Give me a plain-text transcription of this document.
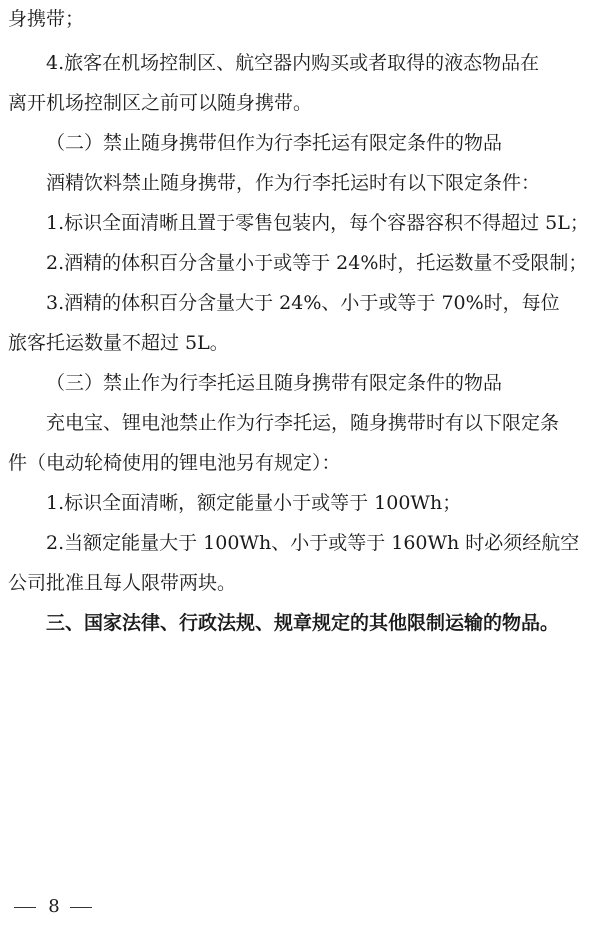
身携带；
4.旅客在机场控制区、航空器内购买或者取得的液态物品在
离开机场控制区之前可以随身携带。
（二）禁止随身携带但作为行李托运有限定条件的物品
酒精饮料禁止随身携带，作为行李托运时有以下限定条件：
1.标识全面清晰且置于零售包装内，每个容器容积不得超过 5L；
2.酒精的体积百分含量小于或等于 24%时，托运数量不受限制；
3.酒精的体积百分含量大于 24%、小于或等于 70%时，每位
旅客托运数量不超过 5L。
（三）禁止作为行李托运且随身携带有限定条件的物品
充电宝、锂电池禁止作为行李托运，随身携带时有以下限定条
件（电动轮椅使用的锂电池另有规定）：
1.标识全面清晰，额定能量小于或等于 100Wh；
2.当额定能量大于 100Wh、小于或等于 160Wh 时必须经航空
公司批准且每人限带两块。
三、国家法律、行政法规、规章规定的其他限制运输的物品。
8
